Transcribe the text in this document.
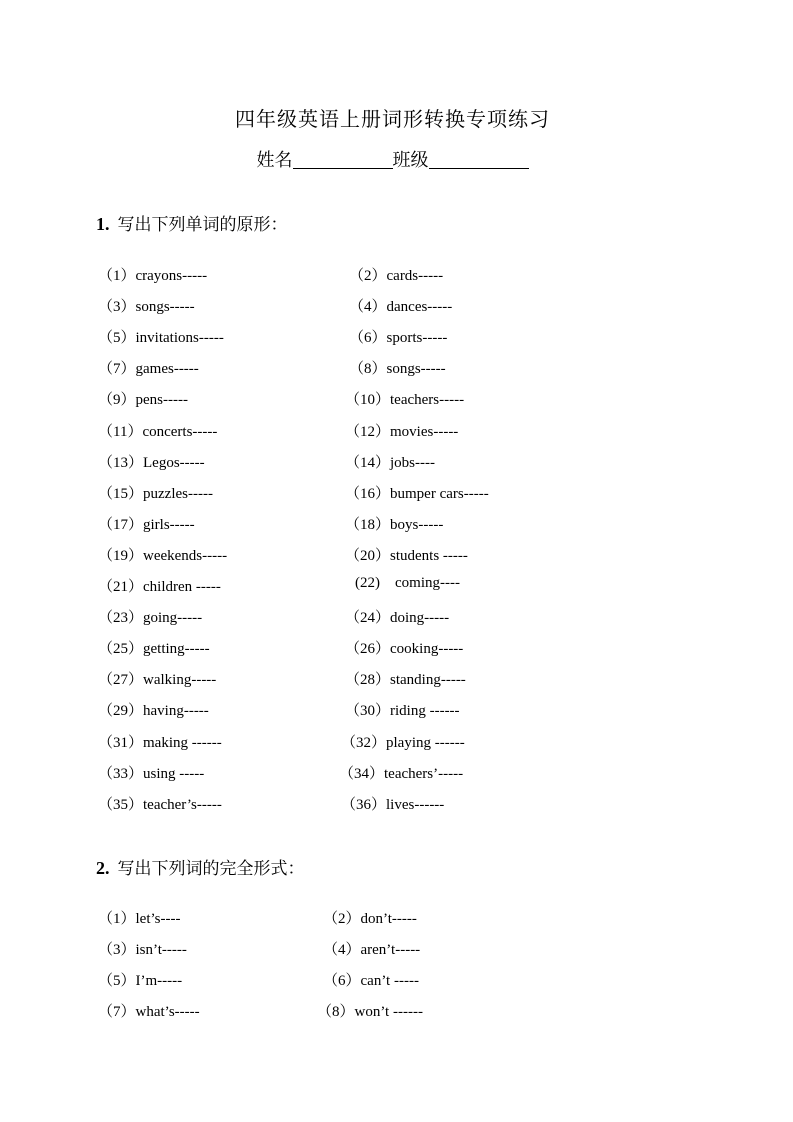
四年级英语上册词形转换专项练习
姓名	班级
1. 写出下列单词的原形：
（1）crayons-----	（2）cards-----
（3）songs-----	（4）dances-----
（5）invitations-----	（6）sports-----
（7）games-----	（8）songs-----
（9）pens-----	（10）teachers-----
（11）concerts-----	（12）movies-----
（13）Legos-----	（14）jobs----
（15）puzzles-----	（16）bumper cars-----
（17）girls-----	（18）boys-----
（19）weekends-----	（20）students -----
（21）children -----	(22)    coming----
（23）going-----	（24）doing-----
（25）getting-----	（26）cooking-----
（27）walking-----	（28）standing-----
（29）having-----	（30）riding ------
（31）making ------	（32）playing ------
（33）using -----	（34）teachers’-----
（35）teacher’s-----	（36）lives------
2. 写出下列词的完全形式：
（1）let’s----	（2）don’t-----
（3）isn’t-----	（4）aren’t-----
（5）I’m-----	（6）can’t -----
（7）what’s-----	（8）won’t ------
